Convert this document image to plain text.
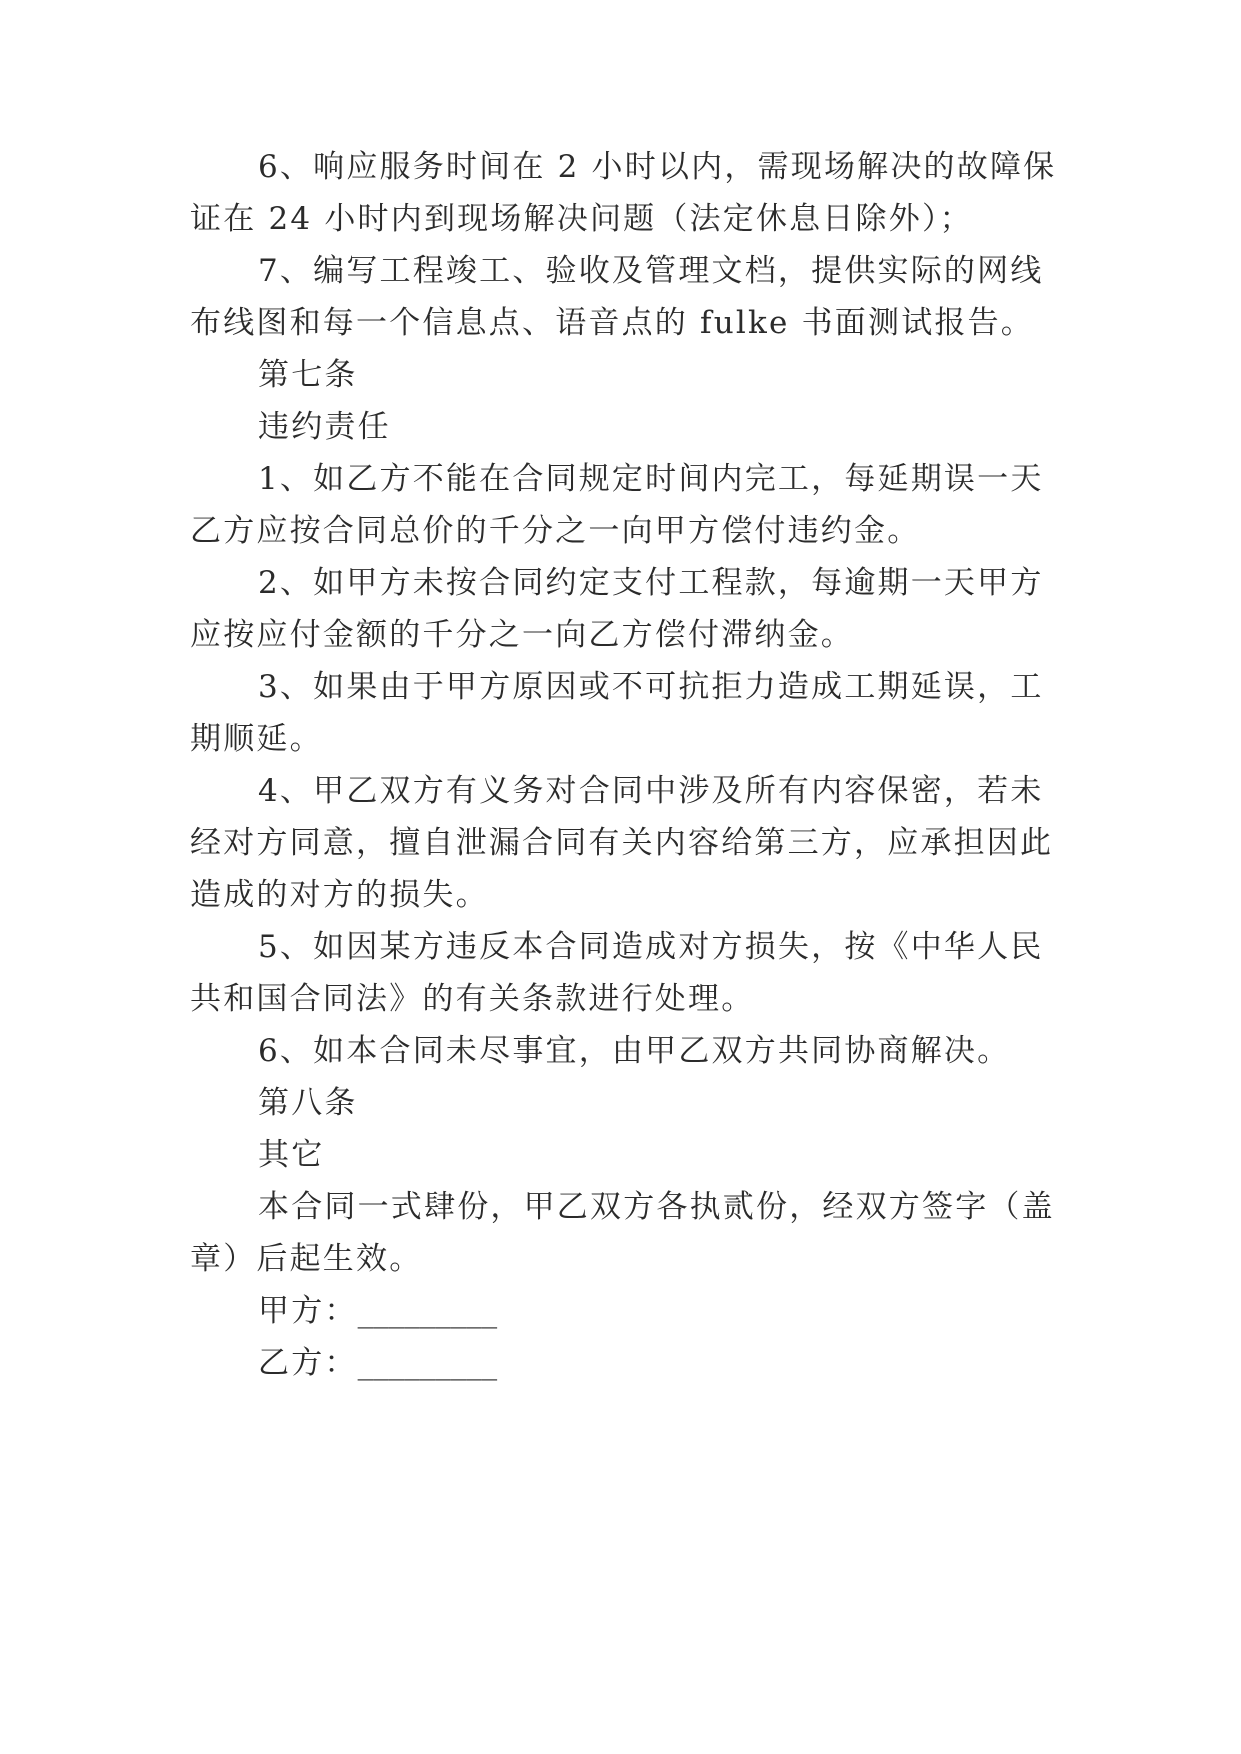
6、响应服务时间在 2 小时以内，需现场解决的故障保
证在 24 小时内到现场解决问题（法定休息日除外）；
7、编写工程竣工、验收及管理文档，提供实际的网线
布线图和每一个信息点、语音点的 fulke 书面测试报告。
第七条
违约责任
1、如乙方不能在合同规定时间内完工，每延期误一天
乙方应按合同总价的千分之一向甲方偿付违约金。
2、如甲方未按合同约定支付工程款，每逾期一天甲方
应按应付金额的千分之一向乙方偿付滞纳金。
3、如果由于甲方原因或不可抗拒力造成工期延误，工
期顺延。
4、甲乙双方有义务对合同中涉及所有内容保密，若未
经对方同意，擅自泄漏合同有关内容给第三方，应承担因此
造成的对方的损失。
5、如因某方违反本合同造成对方损失，按《中华人民
共和国合同法》的有关条款进行处理。
6、如本合同未尽事宜，由甲乙双方共同协商解决。
第八条
其它
本合同一式肆份，甲乙双方各执贰份，经双方签字（盖
章）后起生效。
甲方：_________
乙方：_________
